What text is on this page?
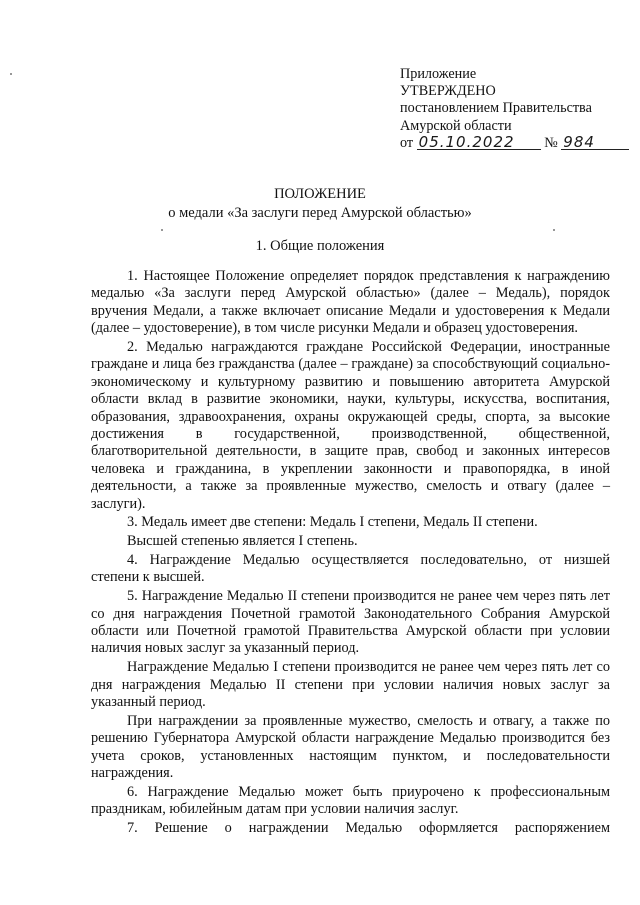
Приложение
УТВЕРЖДЕНО
постановлением Правительства
Амурской области
от 05.10.2022 № 984
ПОЛОЖЕНИЕ
о медали «За заслуги перед Амурской областью»
1. Общие положения

1. Настоящее Положение определяет порядок представления к награждению медалью «За заслуги перед Амурской областью» (далее – Медаль), порядок вручения Медали, а также включает описание Медали и удостоверения к Медали (далее – удостоверение), в том числе рисунки Медали и образец удостоверения.

2. Медалью награждаются граждане Российской Федерации, иностранные граждане и лица без гражданства (далее – граждане) за способствующий социально-экономическому и культурному развитию и повышению авторитета Амурской области вклад в развитие экономики, науки, культуры, искусства, воспитания, образования, здравоохранения, охраны окружающей среды, спорта, за высокие достижения в государственной, производственной, общественной, благотворительной деятельности, в защите прав, свобод и законных интересов человека и гражданина, в укреплении законности и правопорядка, в иной деятельности, а также за проявленные мужество, смелость и отвагу (далее – заслуги).

3. Медаль имеет две степени: Медаль I степени, Медаль II степени.

Высшей степенью является I степень.

4. Награждение Медалью осуществляется последовательно, от низшей степени к высшей.

5. Награждение Медалью II степени производится не ранее чем через пять лет со дня награждения Почетной грамотой Законодательного Собрания Амурской области или Почетной грамотой Правительства Амурской области при условии наличия новых заслуг за указанный период.

Награждение Медалью I степени производится не ранее чем через пять лет со дня награждения Медалью II степени при условии наличия новых заслуг за указанный период.

При награждении за проявленные мужество, смелость и отвагу, а также по решению Губернатора Амурской области награждение Медалью производится без учета сроков, установленных настоящим пунктом, и последовательности награждения.

6. Награждение Медалью может быть приурочено к профессиональным праздникам, юбилейным датам при условии наличия заслуг.

7. Решение о награждении Медалью оформляется распоряжением
